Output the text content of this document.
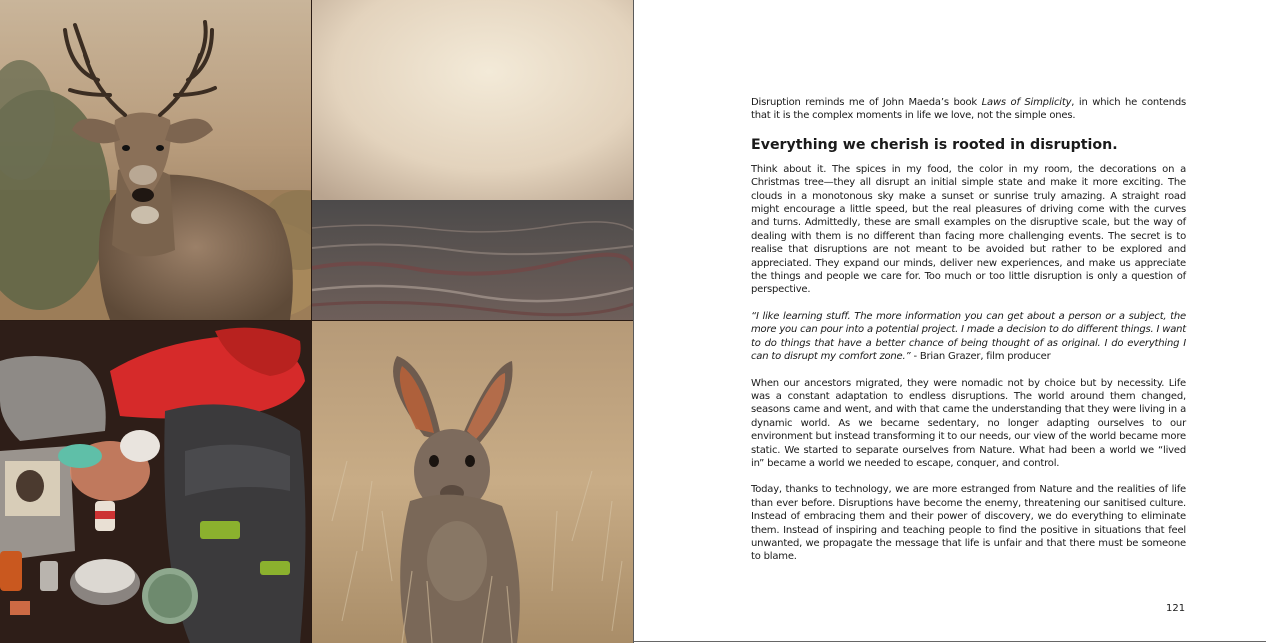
Disruption reminds me of John Maeda’s book Laws of Simplicity, in which he contends that it is the complex moments in life we love, not the simple ones.

Everything we cherish is rooted in disruption.

Think about it. The spices in my food, the color in my room, the decorations on a Christmas tree—they all disrupt an initial simple state and make it more exciting. The clouds in a monotonous sky make a sunset or sunrise truly amazing. A straight road might encourage a little speed, but the real pleasures of driving come with the curves and turns. Admittedly, these are small examples on the disruptive scale, but the way of dealing with them is no different than facing more challenging events. The secret is to realise that disruptions are not meant to be avoided but rather to be explored and appreciated. They expand our minds, deliver new experiences, and make us appreciate the things and people we care for. Too much or too little disruption is only a question of perspective.

“I like learning stuff. The more information you can get about a person or a subject, the more you can pour into a potential project. I made a decision to do different things. I want to do things that have a better chance of being thought of as original. I do everything I can to disrupt my comfort zone.” - Brian Grazer, film producer

When our ancestors migrated, they were nomadic not by choice but by necessity. Life was a constant adaptation to endless disruptions. The world around them changed, seasons came and went, and with that came the understanding that they were living in a dynamic world. As we became sedentary, no longer adapting ourselves to our environment but instead transforming it to our needs, our view of the world became more static. We started to separate ourselves from Nature. What had been a world we “lived in” became a world we needed to escape, conquer, and control.

Today, thanks to technology, we are more estranged from Nature and the realities of life than ever before. Disruptions have become the enemy, threatening our sanitised culture. Instead of embracing them and their power of discovery, we do everything to eliminate them. Instead of inspiring and teaching people to find the positive in situations that feel unwanted, we propagate the message that life is unfair and that there must be someone to blame.

121
